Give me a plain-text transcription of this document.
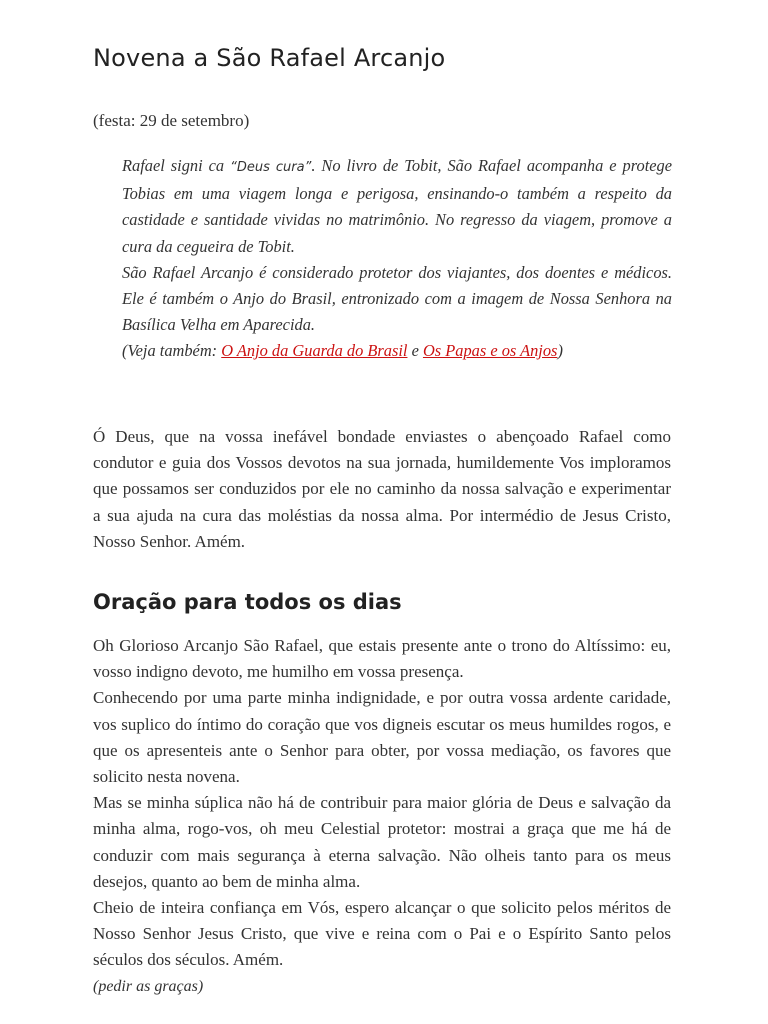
Novena a São Rafael Arcanjo
(festa: 29 de setembro)

Rafael signi ca “Deus cura”. No livro de Tobit, São Rafael acompanha e protege Tobias em uma viagem longa e perigosa, ensinando-o também a respeito da castidade e santidade vividas no matrimônio. No regresso da viagem, promove a cura da cegueira de Tobit.

São Rafael Arcanjo é considerado protetor dos viajantes, dos doentes e médicos. Ele é também o Anjo do Brasil, entronizado com a imagem de Nossa Senhora na Basílica Velha em Aparecida.

(Veja também: O Anjo da Guarda do Brasil e Os Papas e os Anjos)

Ó Deus, que na vossa inefável bondade enviastes o abençoado Rafael como condutor e guia dos Vossos devotos na sua jornada, humildemente Vos imploramos que possamos ser conduzidos por ele no caminho da nossa salvação e experimentar a sua ajuda na cura das moléstias da nossa alma. Por intermédio de Jesus Cristo, Nosso Senhor. Amém.

Oração para todos os dias

Oh Glorioso Arcanjo São Rafael, que estais presente ante o trono do Altíssimo: eu, vosso indigno devoto, me humilho em vossa presença.

Conhecendo por uma parte minha indignidade, e por outra vossa ardente caridade, vos suplico do íntimo do coração que vos digneis escutar os meus humildes rogos, e que os apresenteis ante o Senhor para obter, por vossa mediação, os favores que solicito nesta novena.

Mas se minha súplica não há de contribuir para maior glória de Deus e salvação da minha alma, rogo-vos, oh meu Celestial protetor: mostrai a graça que me há de conduzir com mais segurança à eterna salvação. Não olheis tanto para os meus desejos, quanto ao bem de minha alma.

Cheio de inteira confiança em Vós, espero alcançar o que solicito pelos méritos de Nosso Senhor Jesus Cristo, que vive e reina com o Pai e o Espírito Santo pelos séculos dos séculos. Amém.

(pedir as graças)
